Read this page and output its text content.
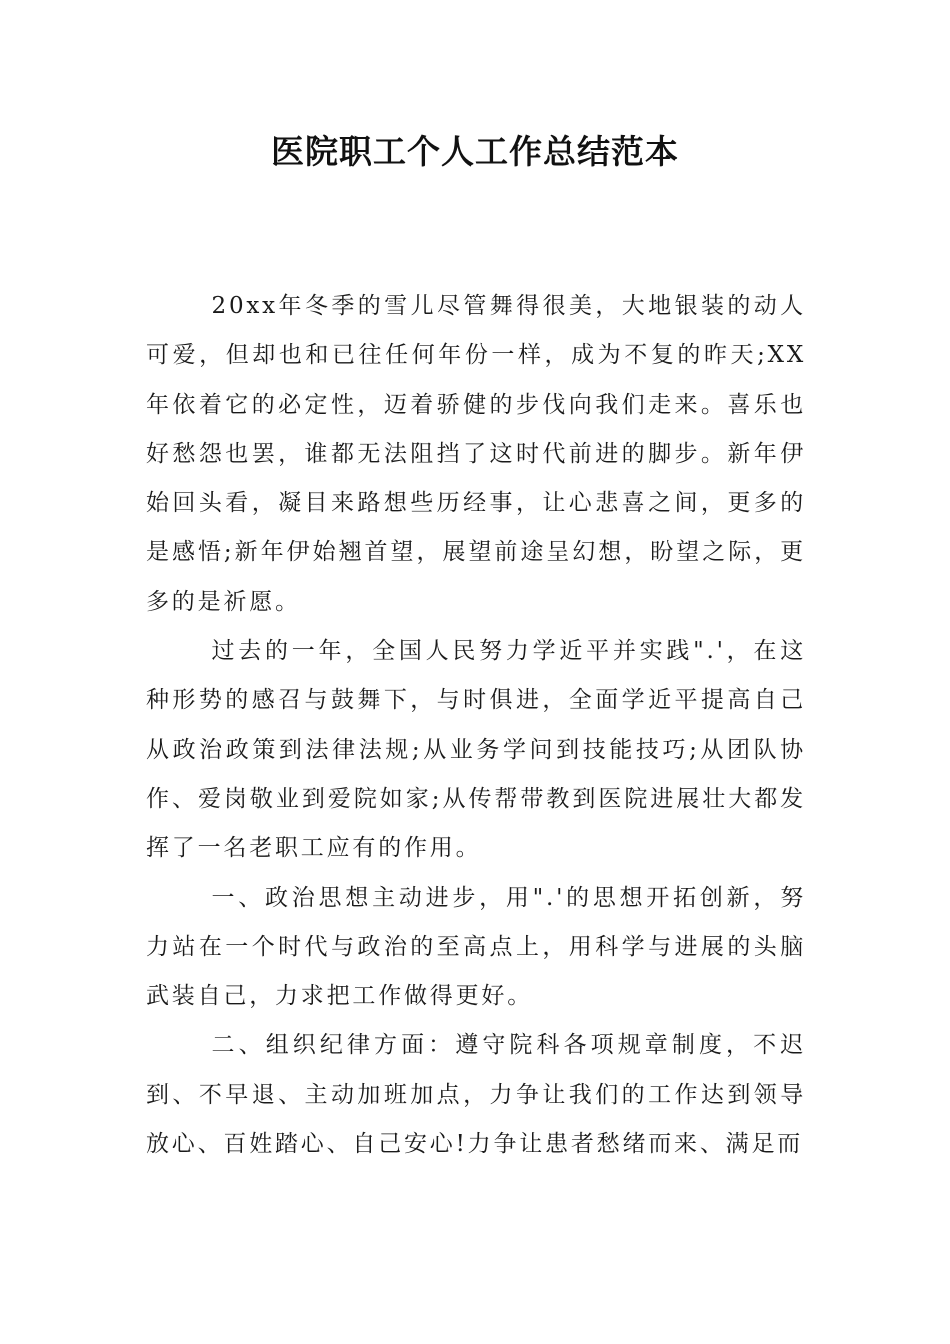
医院职工个人工作总结范本

20xx年冬季的雪儿尽管舞得很美，大地银装的动人可爱，但却也和已往任何年份一样，成为不复的昨天;XX年依着它的必定性，迈着骄健的步伐向我们走来。喜乐也好愁怨也罢，谁都无法阻挡了这时代前进的脚步。新年伊始回头看，凝目来路想些历经事，让心悲喜之间，更多的是感悟;新年伊始翘首望，展望前途呈幻想，盼望之际，更多的是祈愿。

过去的一年，全国人民努力学近平并实践".'，在这种形势的感召与鼓舞下，与时俱进，全面学近平提高自己从政治政策到法律法规;从业务学问到技能技巧;从团队协作、爱岗敬业到爱院如家;从传帮带教到医院进展壮大都发挥了一名老职工应有的作用。

一、政治思想主动进步，用".'的思想开拓创新，努力站在一个时代与政治的至高点上，用科学与进展的头脑武装自己，力求把工作做得更好。

二、组织纪律方面：遵守院科各项规章制度，不迟到、不早退、主动加班加点，力争让我们的工作达到领导放心、百姓踏心、自己安心!力争让患者愁绪而来、满足而
